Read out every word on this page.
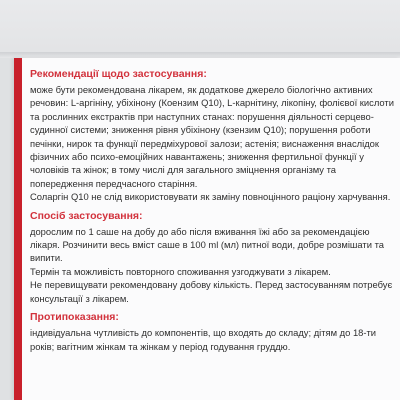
Рекомендації щодо застосування:

може бути рекомендована лікарем, як додаткове джерело біологічно активних речовин: L-аргініну, убіхінону (Коензим Q10), L-карнітину, лікопіну, фолієвої кислоти та рослинних екстрактів при наступних станах: порушення діяльності серцево-судинної системи; зниження рівня убіхінону (кзензим Q10); порушення роботи печінки, нирок та функції передміхурової залози; астенія; виснаження внаслідок фізичних або психо-емоційних навантажень; зниження фертильної функції у чоловіків та жінок; в тому числі для загального зміцнення організму та попередження передчасного старіння.

Соларгін Q10 не слід використовувати як заміну повноцінного раціону харчування.

Спосіб застосування:

дорослим по 1 саше на добу до або після вживання їжі або за рекомендацією лікаря. Розчинити весь вміст саше в 100 ml (мл) питної води, добре розмішати та випити.

Термін та можливість повторного споживання узгоджувати з лікарем.

Не перевищувати рекомендовану добову кількість. Перед застосуванням потребує консультації з лікарем.

Протипоказання:

індивідуальна чутливість до компонентів, що входять до складу; дітям до 18-ти років; вагітним жінкам та жінкам у період годування груддю.
